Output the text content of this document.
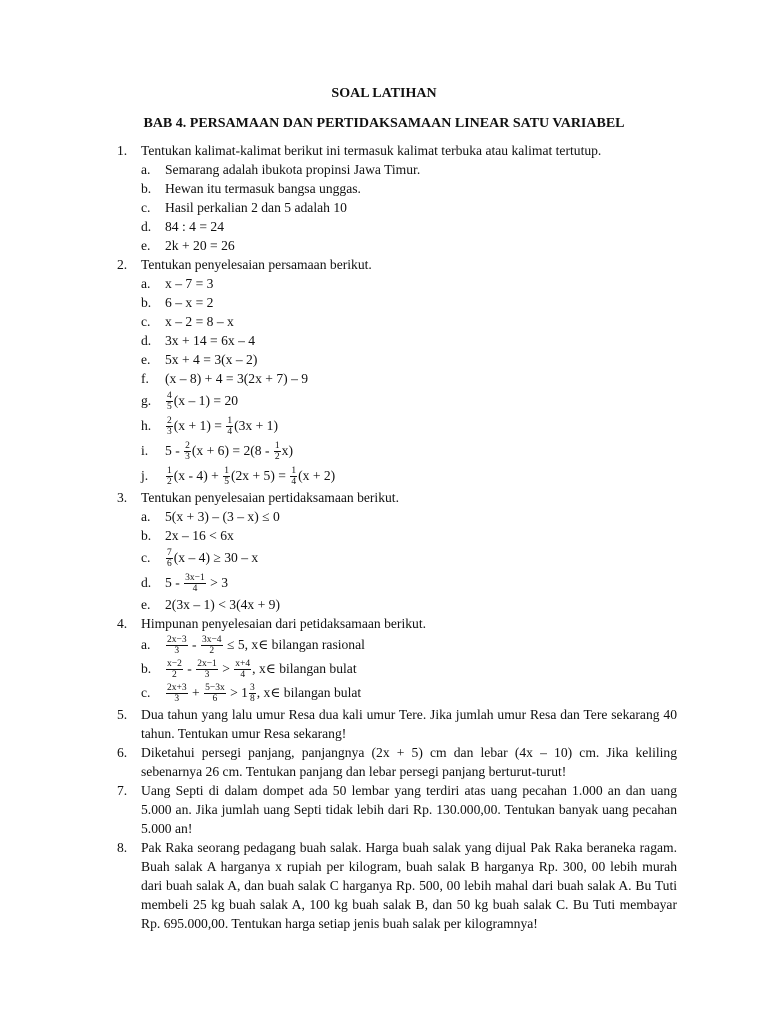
SOAL LATIHAN
BAB 4. PERSAMAAN DAN PERTIDAKSAMAAN LINEAR SATU VARIABEL
1. Tentukan kalimat-kalimat berikut ini termasuk kalimat terbuka atau kalimat tertutup.
a. Semarang adalah ibukota propinsi Jawa Timur.
b. Hewan itu termasuk bangsa unggas.
c. Hasil perkalian 2 dan 5 adalah 10
d. 84 : 4 = 24
e. 2k + 20 = 26
2. Tentukan penyelesaian persamaan berikut.
a. x – 7 = 3
b. 6 – x = 2
c. x – 2 = 8 – x
d. 3x + 14 = 6x – 4
e. 5x + 4 = 3(x – 2)
f. (x – 8) + 4 = 3(2x + 7) – 9
g. $\frac{4}{5} (x - 1) = 20$
h. $\frac{2}{3} (x + 1) = \frac{1}{4} (3x + 1)$
i. $5 - \frac{2}{3} (x + 6) = 2(8 - \frac{1}{2} x)$
j. $\frac{1}{2} (x - 4) + \frac{1}{5} (2x + 5) = \frac{1}{4} (x + 2)$
3. Tentukan penyelesaian pertidaksamaan berikut.
a. 5(x + 3) – (3 – x) ≤ 0
b. 2x – 16 < 6x
c. $\frac{7}{6} (x - 4) \ge 30 - x$
d. $5 - \frac{3x-1}{4} > 3$
e. 2(3x – 1) < 3(4x + 9)
4. Himpunan penyelesaian dari petidaksamaan berikut.
a. $\frac{2x-3}{3} - \frac{3x-4}{2} \le 5$, x∈ bilangan rasional
b. $\frac{x-2}{2} - \frac{2x-1}{3} > \frac{x+4}{4}$ , x∈ bilangan bulat
c. $\frac{2x+3}{3} + \frac{5-3x}{6} > 1 \frac{3}{8}$ , x∈ bilangan bulat
5. Dua tahun yang lalu umur Resa dua kali umur Tere. Jika jumlah umur Resa dan Tere sekarang 40 tahun. Tentukan umur Resa sekarang!
6. Diketahui persegi panjang, panjangnya (2x + 5) cm dan lebar (4x – 10) cm. Jika keliling sebenarnya 26 cm. Tentukan panjang dan lebar persegi panjang berturut-turut!
7. Uang Septi di dalam dompet ada 50 lembar yang terdiri atas uang pecahan 1.000 an dan uang 5.000 an. Jika jumlah uang Septi tidak lebih dari Rp. 130.000,00. Tentukan banyak uang pecahan 5.000 an!
8. Pak Raka seorang pedagang buah salak. Harga buah salak yang dijual Pak Raka beraneka ragam. Buah salak A harganya x rupiah per kilogram, buah salak B harganya Rp. 300, 00 lebih murah dari buah salak A, dan buah salak C harganya Rp. 500, 00 lebih mahal dari buah salak A. Bu Tuti membeli 25 kg buah salak A, 100 kg buah salak B, dan 50 kg buah salak C. Bu Tuti membayar Rp. 695.000,00. Tentukan harga setiap jenis buah salak per kilogramnya!
